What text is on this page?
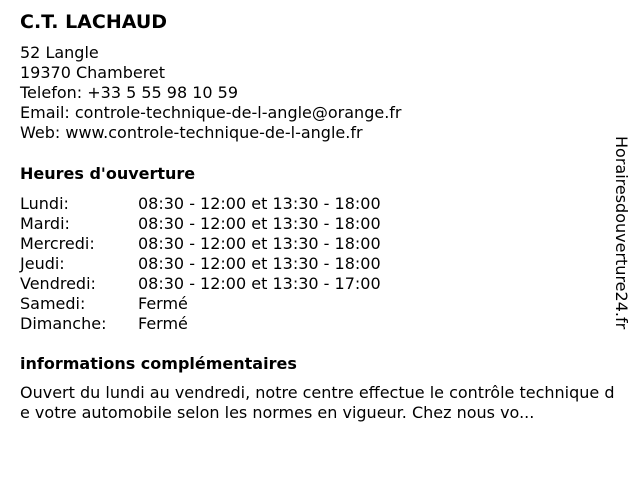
C.T. LACHAUD
52 Langle
19370 Chamberet
Telefon: +33 5 55 98 10 59
Email: controle-technique-de-l-angle@orange.fr
Web: www.controle-technique-de-l-angle.fr
Heures d'ouverture
Lundi:	08:30 - 12:00 et 13:30 - 18:00
Mardi:	08:30 - 12:00 et 13:30 - 18:00
Mercredi:	08:30 - 12:00 et 13:30 - 18:00
Jeudi:	08:30 - 12:00 et 13:30 - 18:00
Vendredi:	08:30 - 12:00 et 13:30 - 17:00
Samedi:	Fermé
Dimanche:	Fermé
informations complémentaires
Ouvert du lundi au vendredi, notre centre effectue le contrôle technique de votre automobile selon les normes en vigueur. Chez nous vo...
Horairesdouverture24.fr
